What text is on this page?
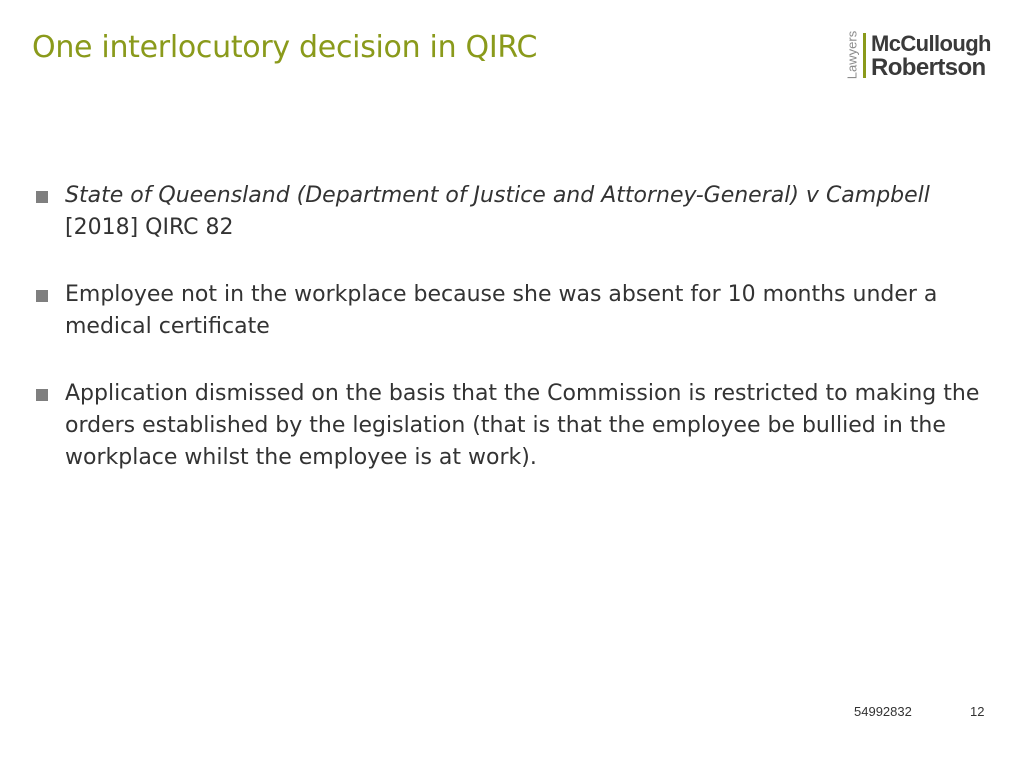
One interlocutory decision in QIRC	Lawyers McCullough
Robertson
State of Queensland (Department of Justice and Attorney-General) v Campbell
[2018] QIRC 82
Employee not in the workplace because she was absent for 10 months under a medical certificate
Application dismissed on the basis that the Commission is restricted to making the orders established by the legislation (that is that the employee be bullied in the workplace whilst the employee is at work).
54992832	12
